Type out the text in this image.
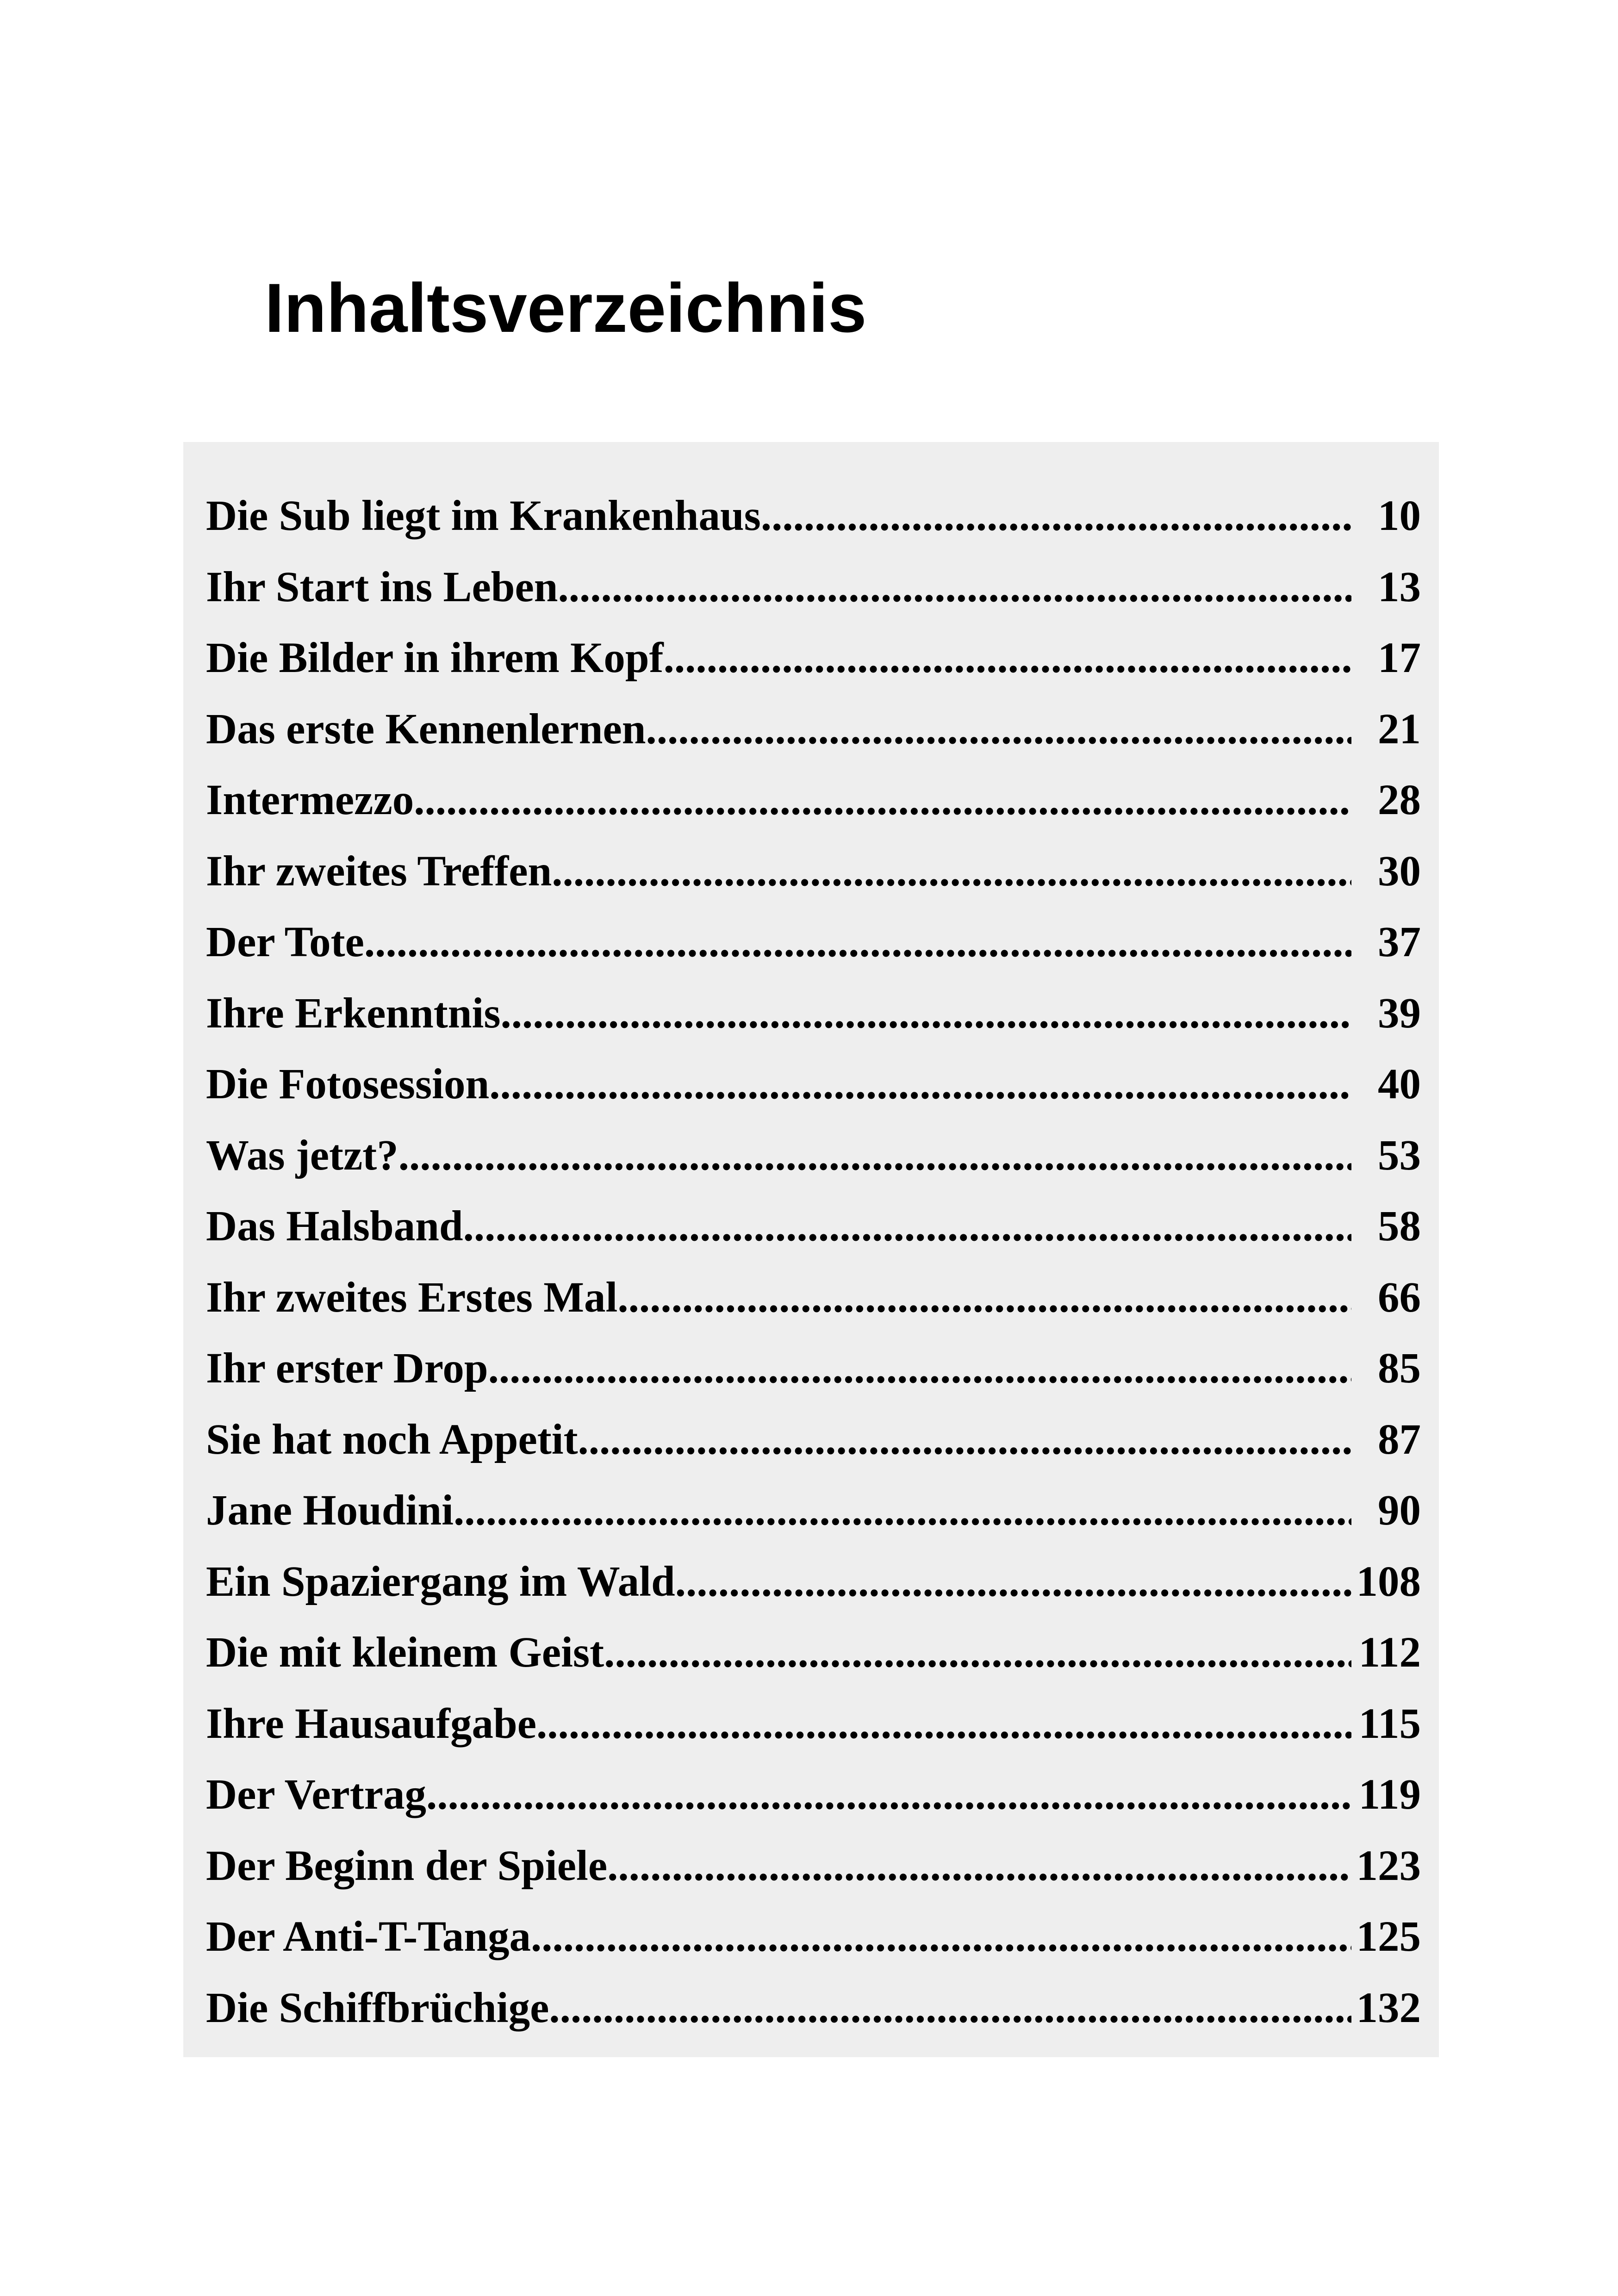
Inhaltsverzeichnis
Die Sub liegt im Krankenhaus .....	10
Ihr Start ins Leben .....	13
Die Bilder in ihrem Kopf .....	17
Das erste Kennenlernen .....	21
Intermezzo .....	28
Ihr zweites Treffen .....	30
Der Tote .....	37
Ihre Erkenntnis .....	39
Die Fotosession .....	40
Was jetzt? .....	53
Das Halsband .....	58
Ihr zweites Erstes Mal .....	66
Ihr erster Drop .....	85
Sie hat noch Appetit .....	87
Jane Houdini .....	90
Ein Spaziergang im Wald .....	108
Die mit kleinem Geist .....	112
Ihre Hausaufgabe .....	115
Der Vertrag .....	119
Der Beginn der Spiele .....	123
Der Anti-T-Tanga .....	125
Die Schiffbrüchige .....	132
